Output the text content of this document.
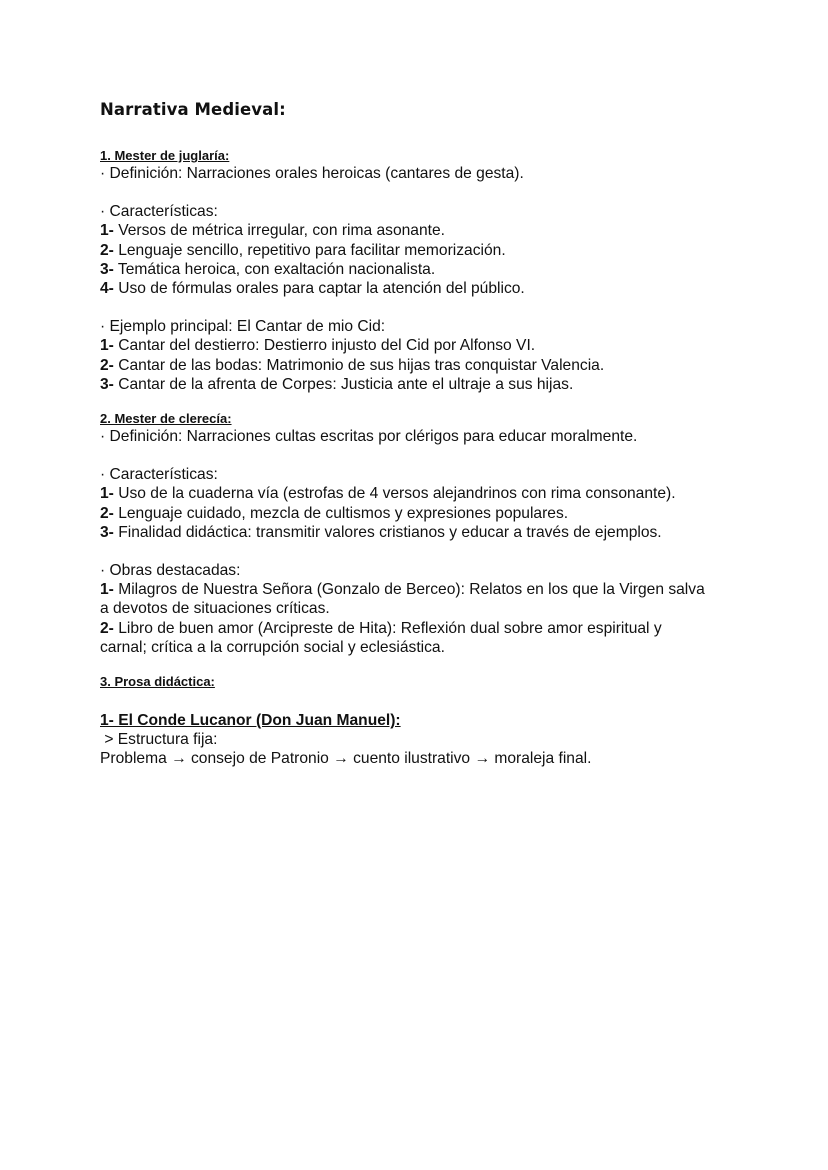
Narrativa Medieval:
1. Mester de juglaría:
· Definición: Narraciones orales heroicas (cantares de gesta).
· Características:
1- Versos de métrica irregular, con rima asonante.
2- Lenguaje sencillo, repetitivo para facilitar memorización.
3- Temática heroica, con exaltación nacionalista.
4- Uso de fórmulas orales para captar la atención del público.
· Ejemplo principal: El Cantar de mio Cid:
1- Cantar del destierro: Destierro injusto del Cid por Alfonso VI.
2- Cantar de las bodas: Matrimonio de sus hijas tras conquistar Valencia.
3- Cantar de la afrenta de Corpes: Justicia ante el ultraje a sus hijas.
2. Mester de clerecía:
· Definición: Narraciones cultas escritas por clérigos para educar moralmente.
· Características:
1- Uso de la cuaderna vía (estrofas de 4 versos alejandrinos con rima consonante).
2- Lenguaje cuidado, mezcla de cultismos y expresiones populares.
3- Finalidad didáctica: transmitir valores cristianos y educar a través de ejemplos.
· Obras destacadas:
1- Milagros de Nuestra Señora (Gonzalo de Berceo): Relatos en los que la Virgen salva a devotos de situaciones críticas.
2- Libro de buen amor (Arcipreste de Hita): Reflexión dual sobre amor espiritual y carnal; crítica a la corrupción social y eclesiástica.
3. Prosa didáctica:
1- El Conde Lucanor (Don Juan Manuel):
> Estructura fija:
Problema → consejo de Patronio → cuento ilustrativo → moraleja final.
